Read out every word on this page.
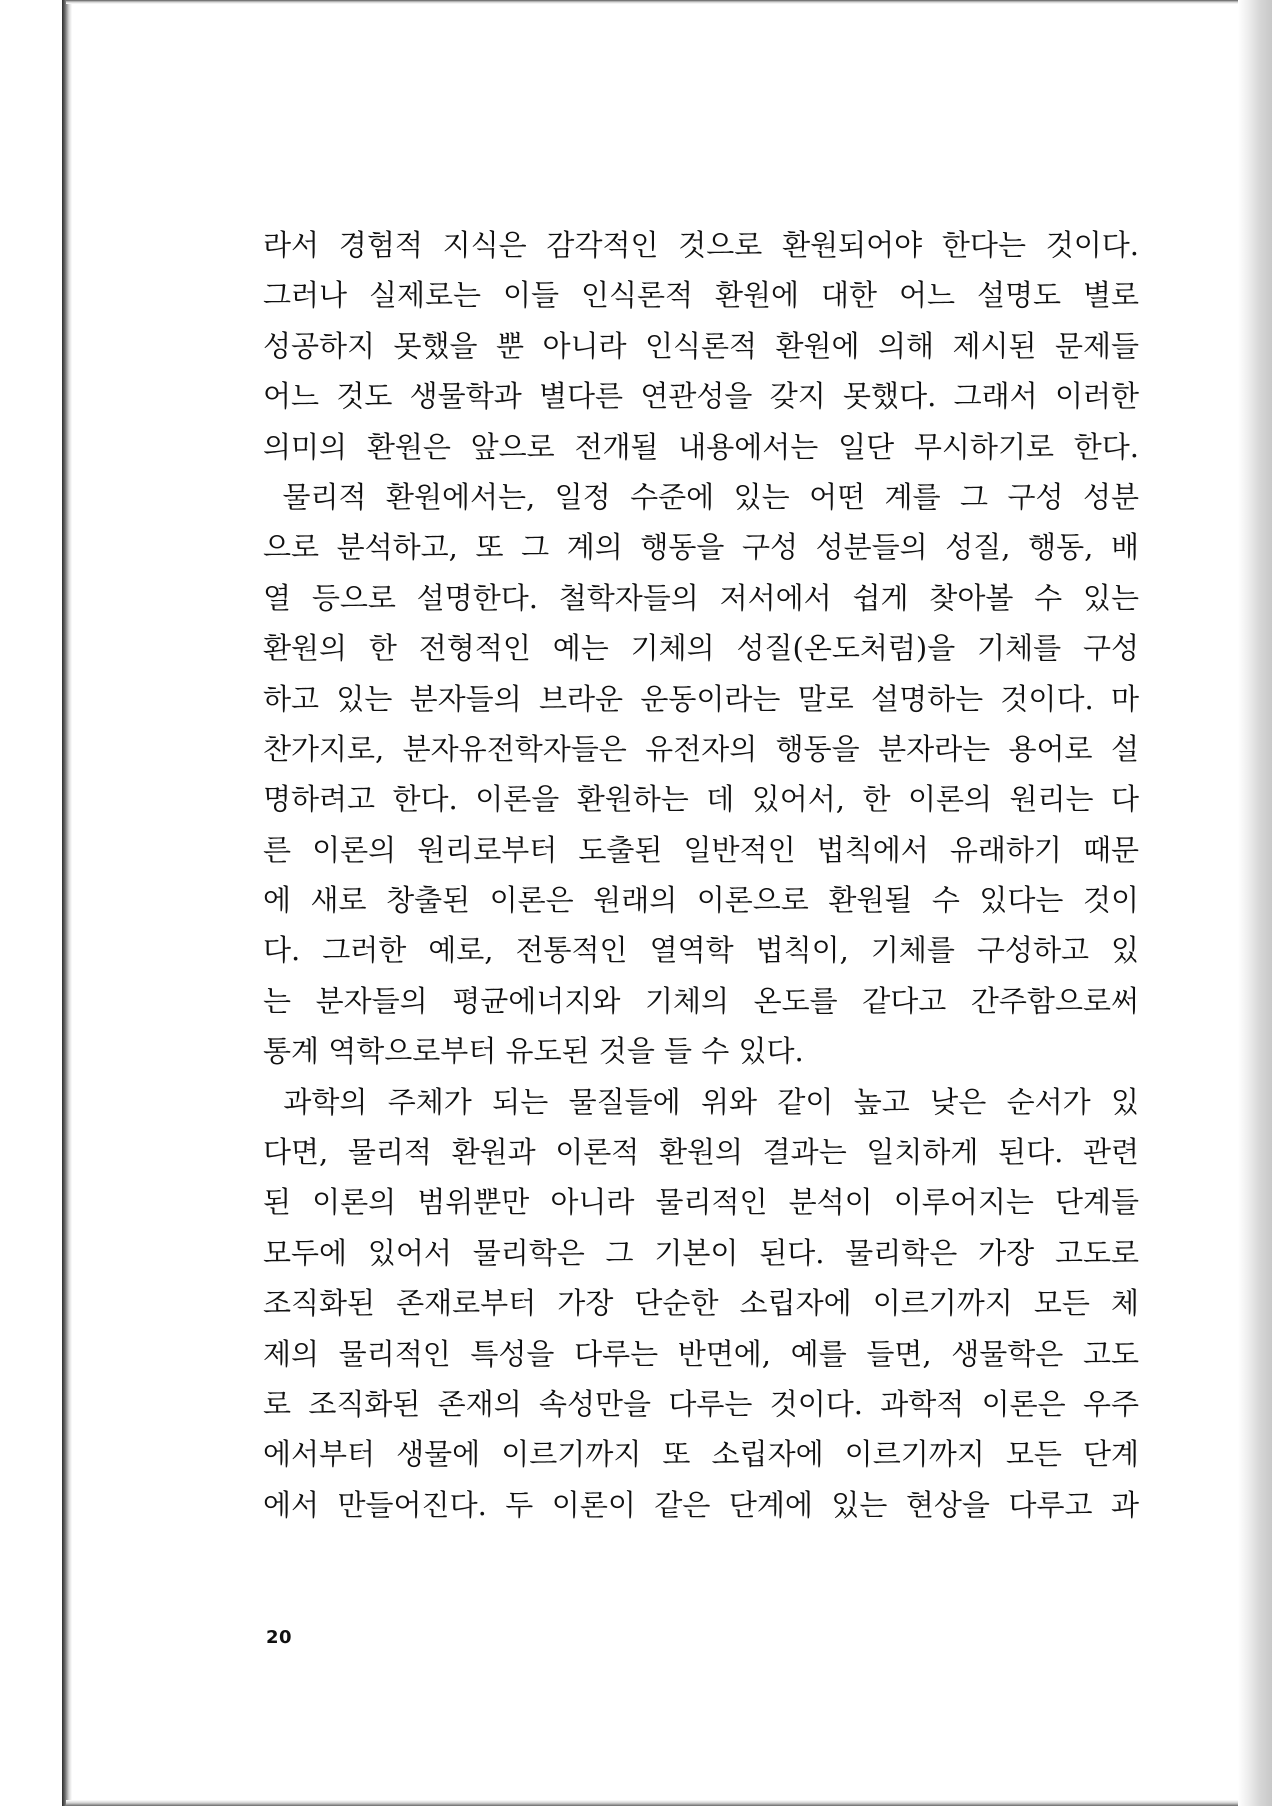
라서 경험적 지식은 감각적인 것으로 환원되어야 한다는 것이다.
그러나 실제로는 이들 인식론적 환원에 대한 어느 설명도 별로
성공하지 못했을 뿐 아니라 인식론적 환원에 의해 제시된 문제들
어느 것도 생물학과 별다른 연관성을 갖지 못했다. 그래서 이러한
의미의 환원은 앞으로 전개될 내용에서는 일단 무시하기로 한다.
물리적 환원에서는, 일정 수준에 있는 어떤 계를 그 구성 성분
으로 분석하고, 또 그 계의 행동을 구성 성분들의 성질, 행동, 배
열 등으로 설명한다. 철학자들의 저서에서 쉽게 찾아볼 수 있는
환원의 한 전형적인 예는 기체의 성질(온도처럼)을 기체를 구성
하고 있는 분자들의 브라운 운동이라는 말로 설명하는 것이다. 마
찬가지로, 분자유전학자들은 유전자의 행동을 분자라는 용어로 설
명하려고 한다. 이론을 환원하는 데 있어서, 한 이론의 원리는 다
른 이론의 원리로부터 도출된 일반적인 법칙에서 유래하기 때문
에 새로 창출된 이론은 원래의 이론으로 환원될 수 있다는 것이
다. 그러한 예로, 전통적인 열역학 법칙이, 기체를 구성하고 있
는 분자들의 평균에너지와 기체의 온도를 같다고 간주함으로써
통계 역학으로부터 유도된 것을 들 수 있다.
과학의 주체가 되는 물질들에 위와 같이 높고 낮은 순서가 있
다면, 물리적 환원과 이론적 환원의 결과는 일치하게 된다. 관련
된 이론의 범위뿐만 아니라 물리적인 분석이 이루어지는 단계들
모두에 있어서 물리학은 그 기본이 된다. 물리학은 가장 고도로
조직화된 존재로부터 가장 단순한 소립자에 이르기까지 모든 체
제의 물리적인 특성을 다루는 반면에, 예를 들면, 생물학은 고도
로 조직화된 존재의 속성만을 다루는 것이다. 과학적 이론은 우주
에서부터 생물에 이르기까지 또 소립자에 이르기까지 모든 단계
에서 만들어진다. 두 이론이 같은 단계에 있는 현상을 다루고 과
20
